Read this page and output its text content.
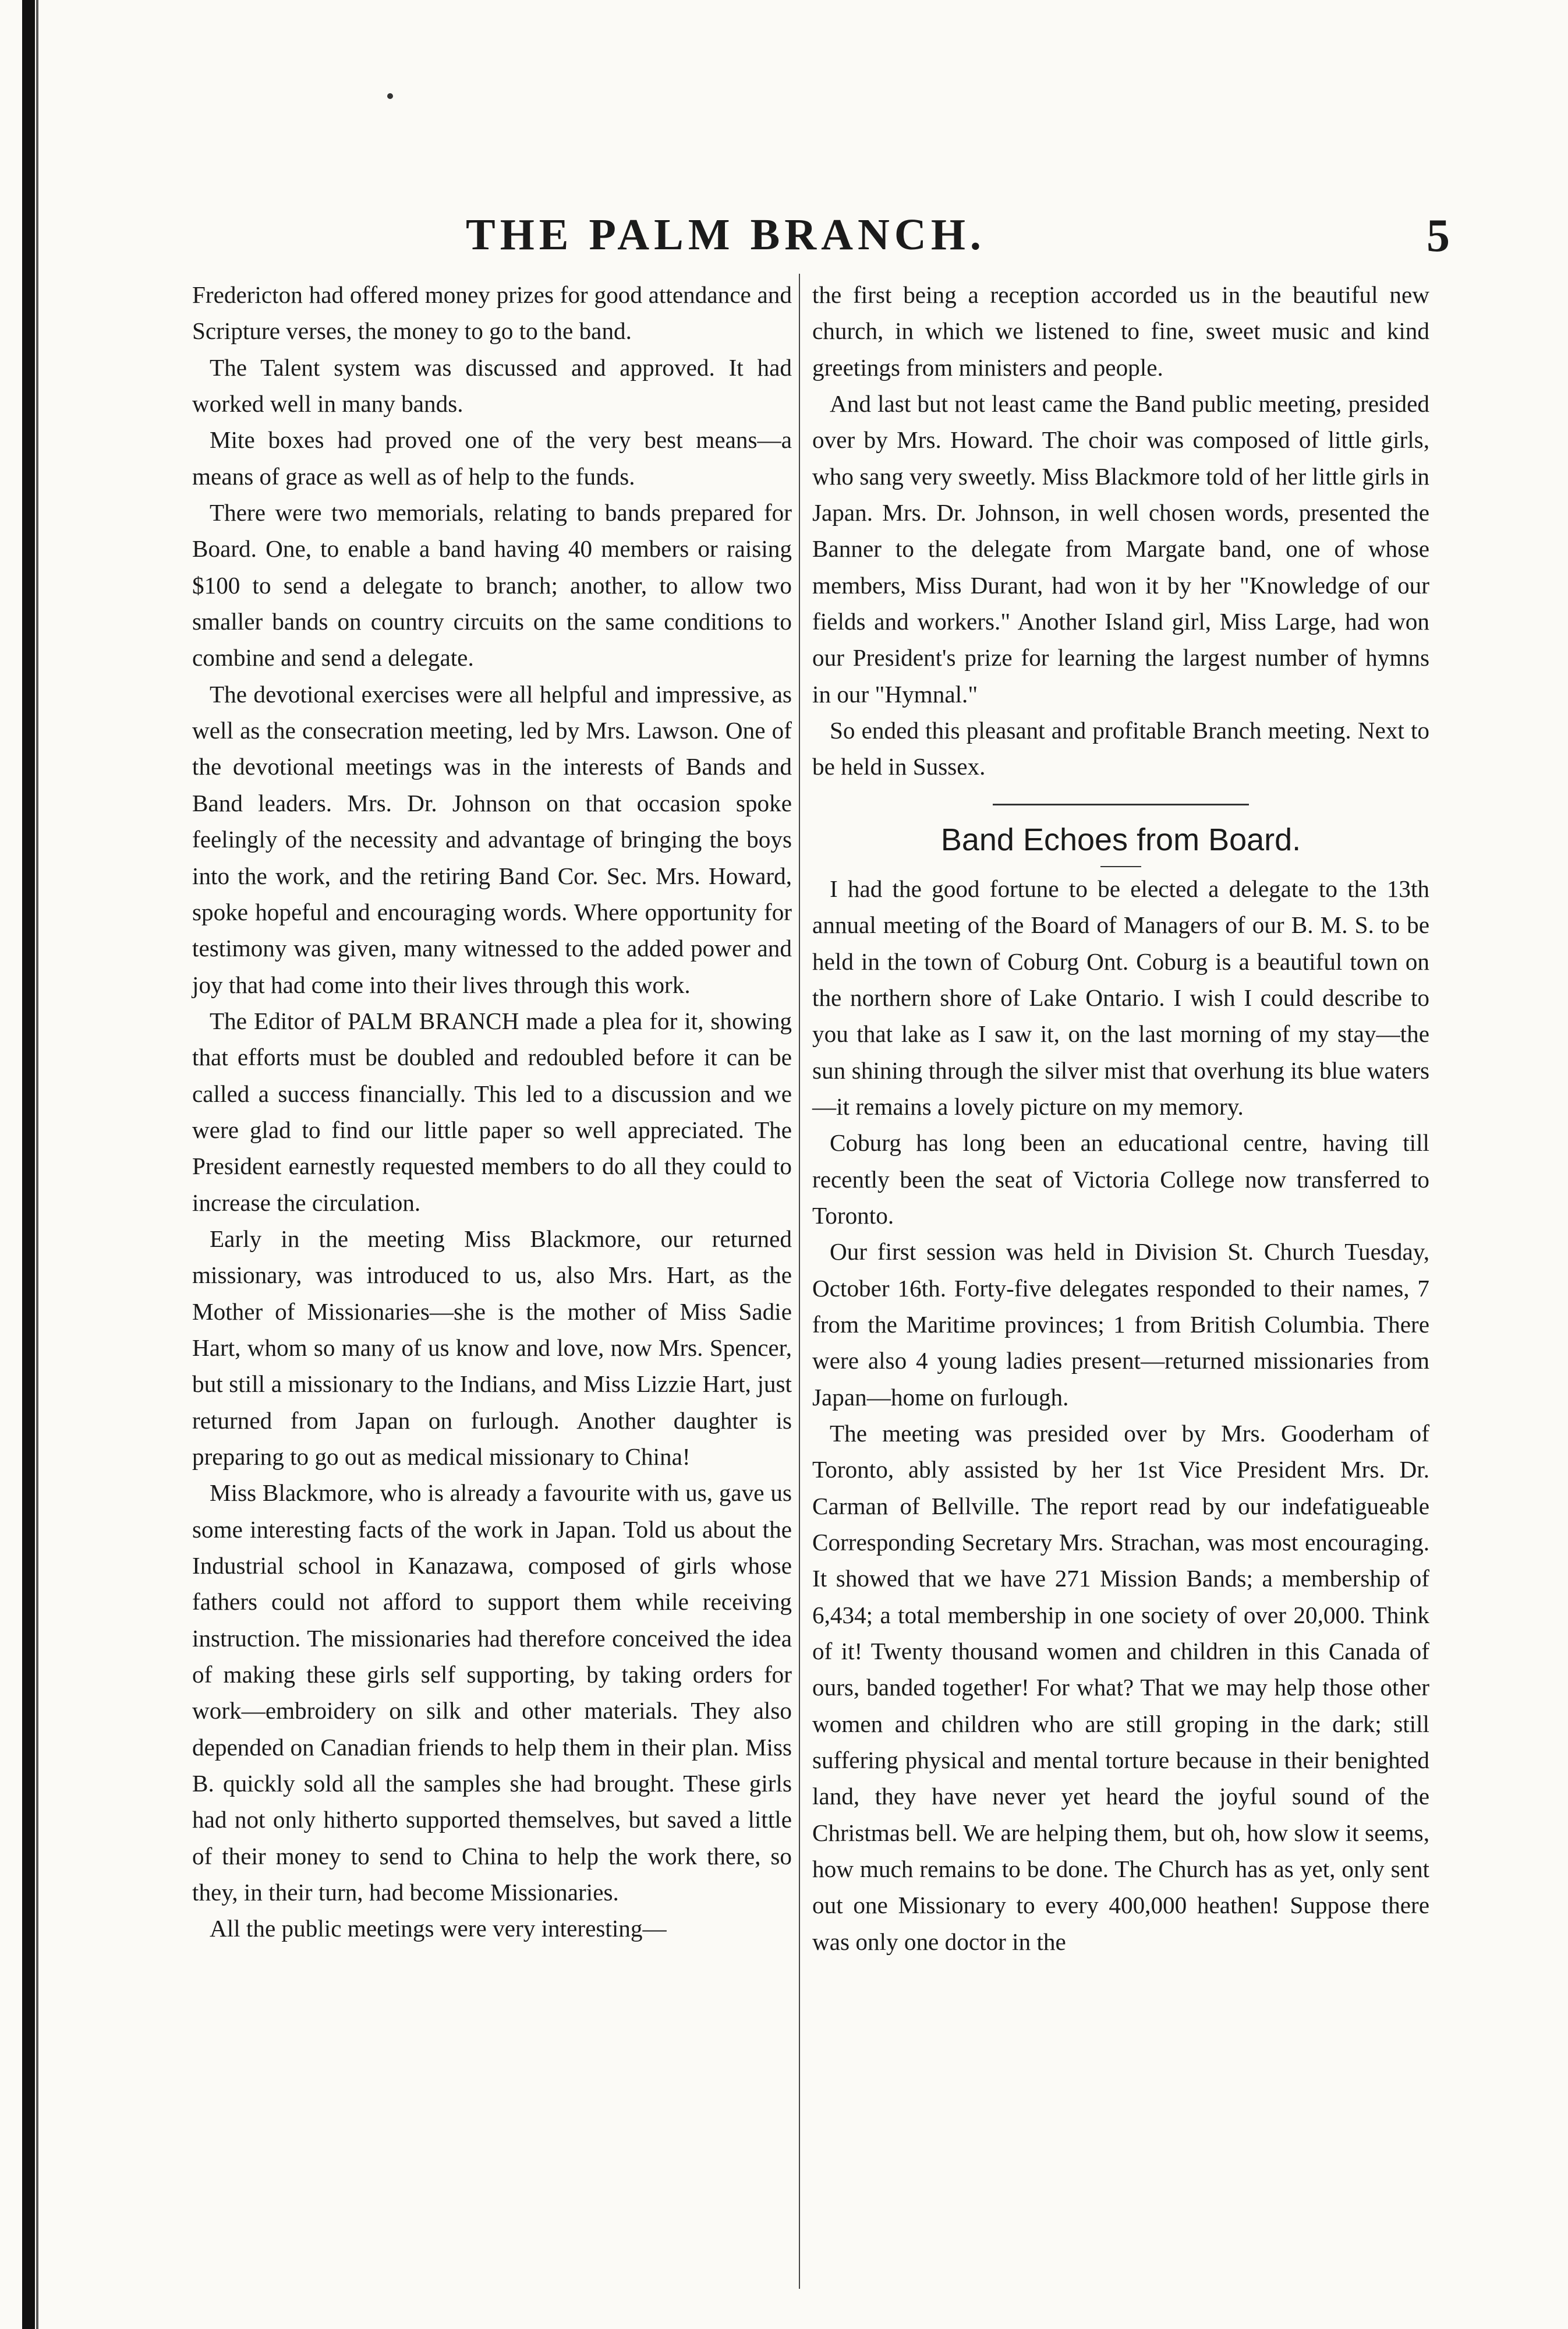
THE PALM BRANCH.	5

Fredericton had offered money prizes for good attendance and Scripture verses, the money to go to the band.

The Talent system was discussed and approved. It had worked well in many bands.

Mite boxes had proved one of the very best means—a means of grace as well as of help to the funds.

There were two memorials, relating to bands prepared for Board. One, to enable a band having 40 members or raising $100 to send a delegate to branch; another, to allow two smaller bands on country circuits on the same conditions to combine and send a delegate.

The devotional exercises were all helpful and impressive, as well as the consecration meeting, led by Mrs. Lawson. One of the devotional meetings was in the interests of Bands and Band leaders. Mrs. Dr. Johnson on that occasion spoke feelingly of the necessity and advantage of bringing the boys into the work, and the retiring Band Cor. Sec. Mrs. Howard, spoke hopeful and encouraging words. Where opportunity for testimony was given, many witnessed to the added power and joy that had come into their lives through this work.

The Editor of PALM BRANCH made a plea for it, showing that efforts must be doubled and redoubled before it can be called a success financially. This led to a discussion and we were glad to find our little paper so well appreciated. The President earnestly requested members to do all they could to increase the circulation.

Early in the meeting Miss Blackmore, our returned missionary, was introduced to us, also Mrs. Hart, as the Mother of Missionaries—she is the mother of Miss Sadie Hart, whom so many of us know and love, now Mrs. Spencer, but still a missionary to the Indians, and Miss Lizzie Hart, just returned from Japan on furlough. Another daughter is preparing to go out as medical missionary to China!

Miss Blackmore, who is already a favourite with us, gave us some interesting facts of the work in Japan. Told us about the Industrial school in Kanazawa, composed of girls whose fathers could not afford to support them while receiving instruction. The missionaries had therefore conceived the idea of making these girls self supporting, by taking orders for work—embroidery on silk and other materials. They also depended on Canadian friends to help them in their plan. Miss B. quickly sold all the samples she had brought. These girls had not only hitherto supported themselves, but saved a little of their money to send to China to help the work there, so they, in their turn, had become Missionaries.

All the public meetings were very interesting—

the first being a reception accorded us in the beautiful new church, in which we listened to fine, sweet music and kind greetings from ministers and people.

And last but not least came the Band public meeting, presided over by Mrs. Howard. The choir was composed of little girls, who sang very sweetly. Miss Blackmore told of her little girls in Japan. Mrs. Dr. Johnson, in well chosen words, presented the Banner to the delegate from Margate band, one of whose members, Miss Durant, had won it by her "Knowledge of our fields and workers." Another Island girl, Miss Large, had won our President's prize for learning the largest number of hymns in our "Hymnal."

So ended this pleasant and profitable Branch meeting. Next to be held in Sussex.

Band Echoes from Board.

I had the good fortune to be elected a delegate to the 13th annual meeting of the Board of Managers of our B. M. S. to be held in the town of Coburg Ont. Coburg is a beautiful town on the northern shore of Lake Ontario. I wish I could describe to you that lake as I saw it, on the last morning of my stay—the sun shining through the silver mist that overhung its blue waters—it remains a lovely picture on my memory.

Coburg has long been an educational centre, having till recently been the seat of Victoria College now transferred to Toronto.

Our first session was held in Division St. Church Tuesday, October 16th. Forty-five delegates responded to their names, 7 from the Maritime provinces; 1 from British Columbia. There were also 4 young ladies present—returned missionaries from Japan—home on furlough.

The meeting was presided over by Mrs. Gooderham of Toronto, ably assisted by her 1st Vice President Mrs. Dr. Carman of Bellville. The report read by our indefatigueable Corresponding Secretary Mrs. Strachan, was most encouraging. It showed that we have 271 Mission Bands; a membership of 6,434; a total membership in one society of over 20,000. Think of it! Twenty thousand women and children in this Canada of ours, banded together! For what? That we may help those other women and children who are still groping in the dark; still suffering physical and mental torture because in their benighted land, they have never yet heard the joyful sound of the Christmas bell. We are helping them, but oh, how slow it seems, how much remains to be done. The Church has as yet, only sent out one Missionary to every 400,000 heathen! Suppose there was only one doctor in the
